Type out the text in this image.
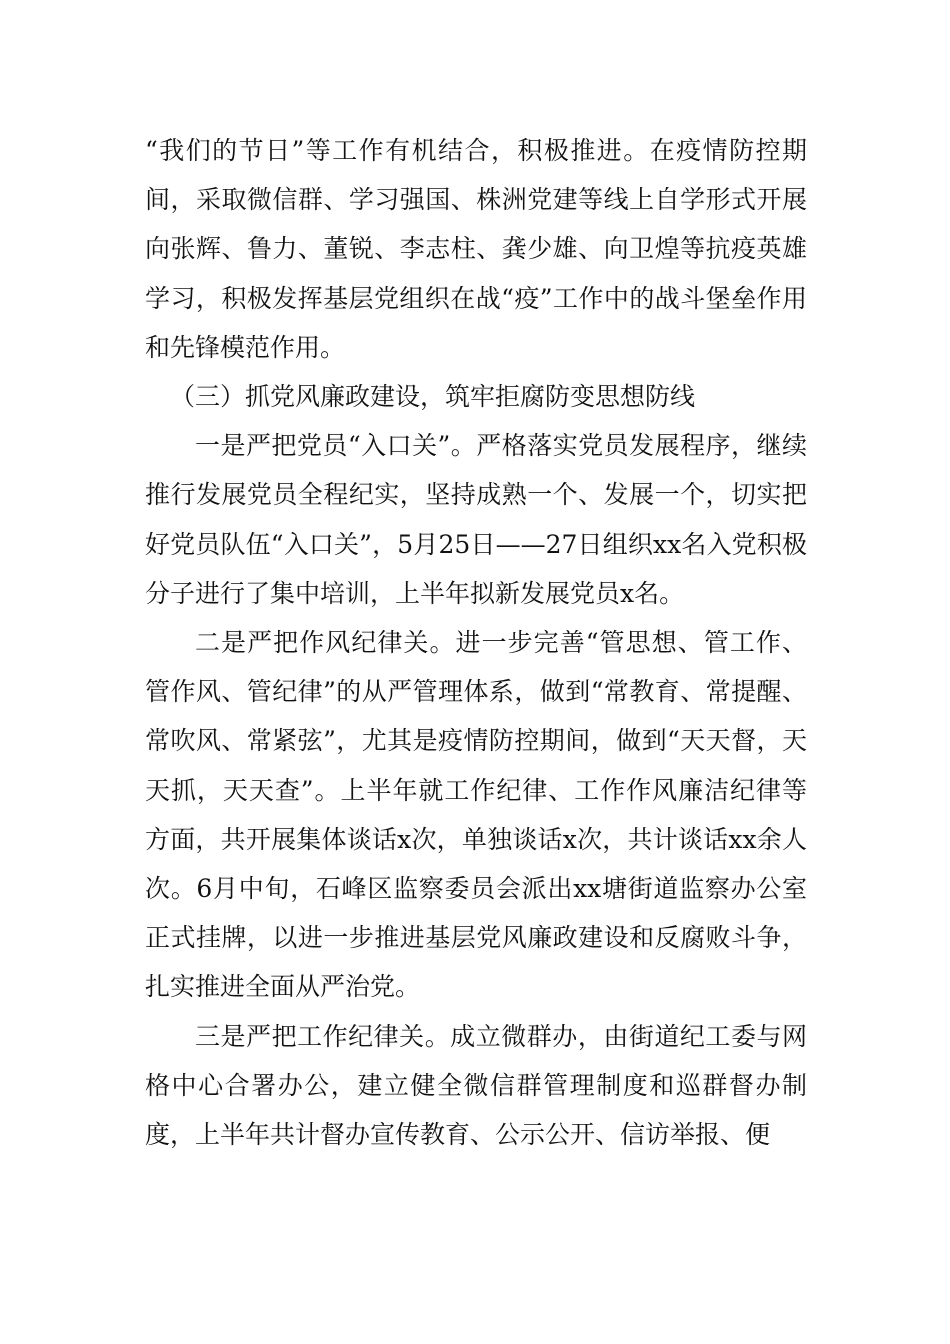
“我们的节日”等工作有机结合，积极推进。在疫情防控期间，采取微信群、学习强国、株洲党建等线上自学形式开展向张辉、鲁力、董锐、李志柱、龚少雄、向卫煌等抗疫英雄学习，积极发挥基层党组织在战“疫”工作中的战斗堡垒作用和先锋模范作用。

（三）抓党风廉政建设，筑牢拒腐防变思想防线

一是严把党员“入口关”。严格落实党员发展程序，继续推行发展党员全程纪实，坚持成熟一个、发展一个，切实把好党员队伍“入口关”，5月25日——27日组织xx名入党积极分子进行了集中培训，上半年拟新发展党员x名。

二是严把作风纪律关。进一步完善“管思想、管工作、管作风、管纪律”的从严管理体系，做到“常教育、常提醒、常吹风、常紧弦”，尤其是疫情防控期间，做到“天天督，天天抓，天天查”。上半年就工作纪律、工作作风廉洁纪律等方面，共开展集体谈话x次，单独谈话x次，共计谈话xx余人次。6月中旬，石峰区监察委员会派出xx塘街道监察办公室正式挂牌，以进一步推进基层党风廉政建设和反腐败斗争，扎实推进全面从严治党。

三是严把工作纪律关。成立微群办，由街道纪工委与网格中心合署办公，建立健全微信群管理制度和巡群督办制度，上半年共计督办宣传教育、公示公开、信访举报、便
